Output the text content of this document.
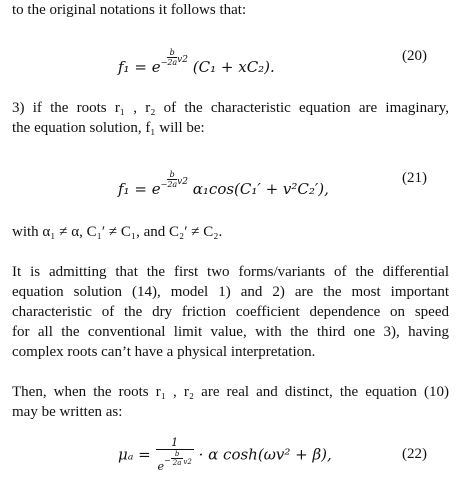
to the original notations it follows that:
$f_1 = e^- \frac{b}{2a} ^{v2}$ (C₁ + xC₂).
(20)
3) if the roots r₁ , r₂ of the characteristic equation are imaginary,
the equation solution, f₁ will be:
$f_1 = e^- \frac{b}{2a} ^{v2}$ α₁cos(C₁′ + v²C₂′),
(21)
with α₁ ≠ α, C₁′ ≠ C₁, and C₂′ ≠ C₂.
It is admitting that the first two forms/variants of the differential
equation solution (14), model 1) and 2) are the most important
characteristic of the dry friction coefficient dependence on speed
for all the conventional limit value, with the third one 3), having
complex roots can’t have a physical interpretation.
Then, when the roots r₁ , r₂ are real and distinct, the equation (10)
may be written as:
$\mu_a = \frac{1}{e^- \frac{b}{2a} ^{v2}} \cdot \alpha$ cosh(ωv² + β),	(22)
